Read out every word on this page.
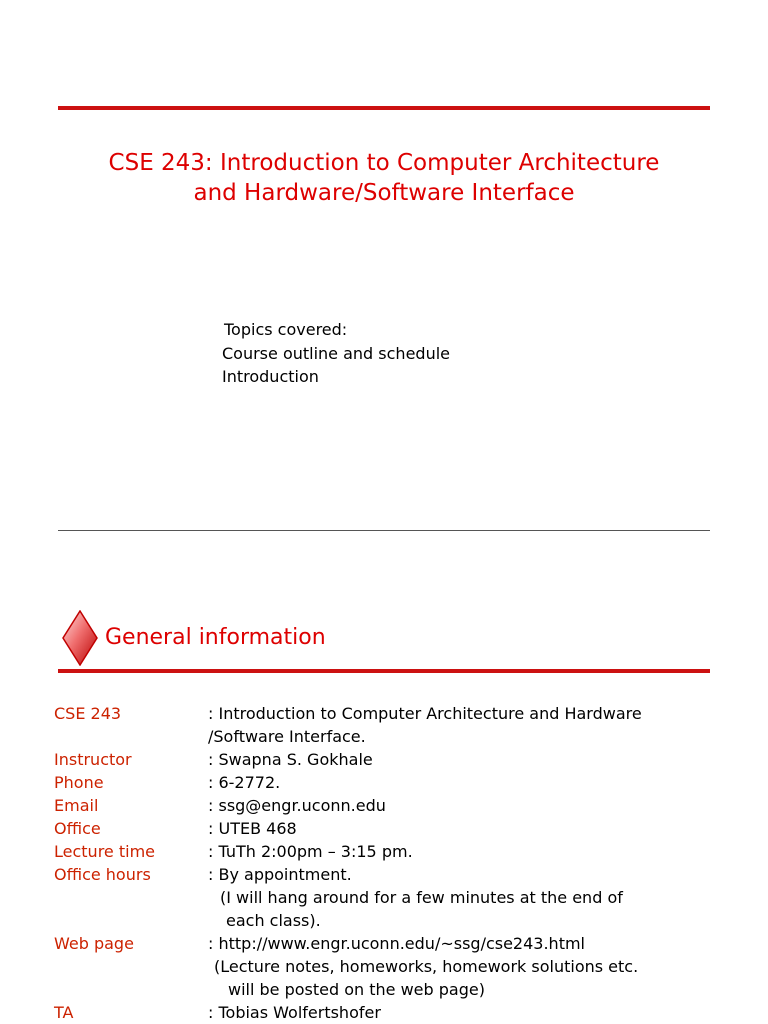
CSE 243: Introduction to Computer Architecture
and Hardware/Software Interface
Topics covered:
Course outline and schedule
Introduction
General information
CSE 243	: Introduction to Computer Architecture and Hardware
/Software Interface.
Instructor	: Swapna S. Gokhale
Phone	: 6-2772.
Email	: ssg@engr.uconn.edu
Office	: UTEB 468
Lecture time	: TuTh 2:00pm – 3:15 pm.
Office hours	: By appointment.
(I will hang around for a few minutes at the end of
each class).
Web page	: http://www.engr.uconn.edu/~ssg/cse243.html
(Lecture notes, homeworks, homework solutions etc.
will be posted on the web page)
TA	: Tobias Wolfertshofer
